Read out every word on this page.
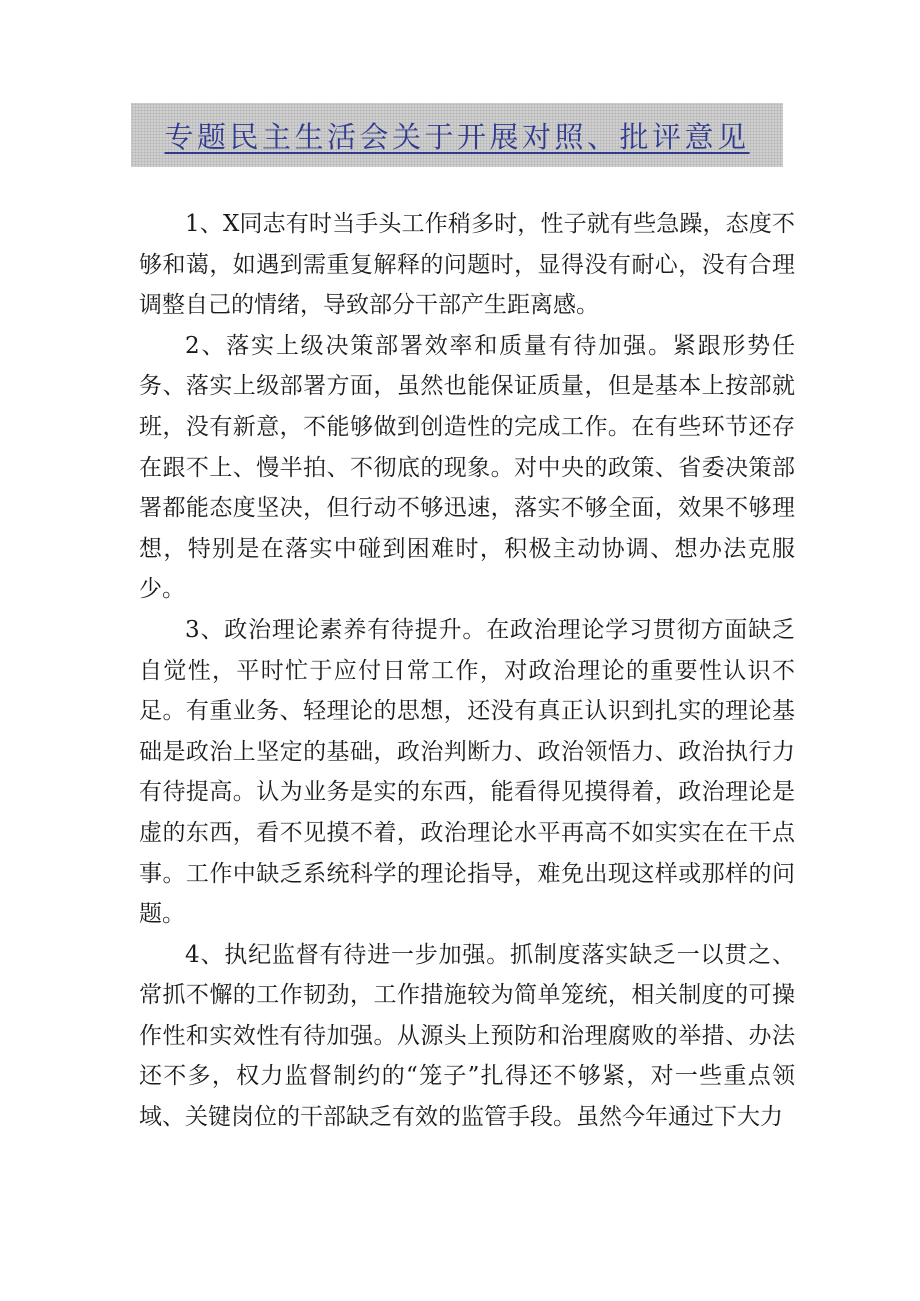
专题民主生活会关于开展对照、批评意见

1、X同志有时当手头工作稍多时，性子就有些急躁，态度不够和蔼，如遇到需重复解释的问题时，显得没有耐心，没有合理调整自己的情绪，导致部分干部产生距离感。

2、落实上级决策部署效率和质量有待加强。紧跟形势任务、落实上级部署方面，虽然也能保证质量，但是基本上按部就班，没有新意，不能够做到创造性的完成工作。在有些环节还存在跟不上、慢半拍、不彻底的现象。对中央的政策、省委决策部署都能态度坚决，但行动不够迅速，落实不够全面，效果不够理想，特别是在落实中碰到困难时，积极主动协调、想办法克服少。

3、政治理论素养有待提升。在政治理论学习贯彻方面缺乏自觉性，平时忙于应付日常工作，对政治理论的重要性认识不足。有重业务、轻理论的思想，还没有真正认识到扎实的理论基础是政治上坚定的基础，政治判断力、政治领悟力、政治执行力有待提高。认为业务是实的东西，能看得见摸得着，政治理论是虚的东西，看不见摸不着，政治理论水平再高不如实实在在干点事。工作中缺乏系统科学的理论指导，难免出现这样或那样的问题。

4、执纪监督有待进一步加强。抓制度落实缺乏一以贯之、常抓不懈的工作韧劲，工作措施较为简单笼统，相关制度的可操作性和实效性有待加强。从源头上预防和治理腐败的举措、办法还不多，权力监督制约的“笼子”扎得还不够紧，对一些重点领域、关键岗位的干部缺乏有效的监管手段。虽然今年通过下大力
